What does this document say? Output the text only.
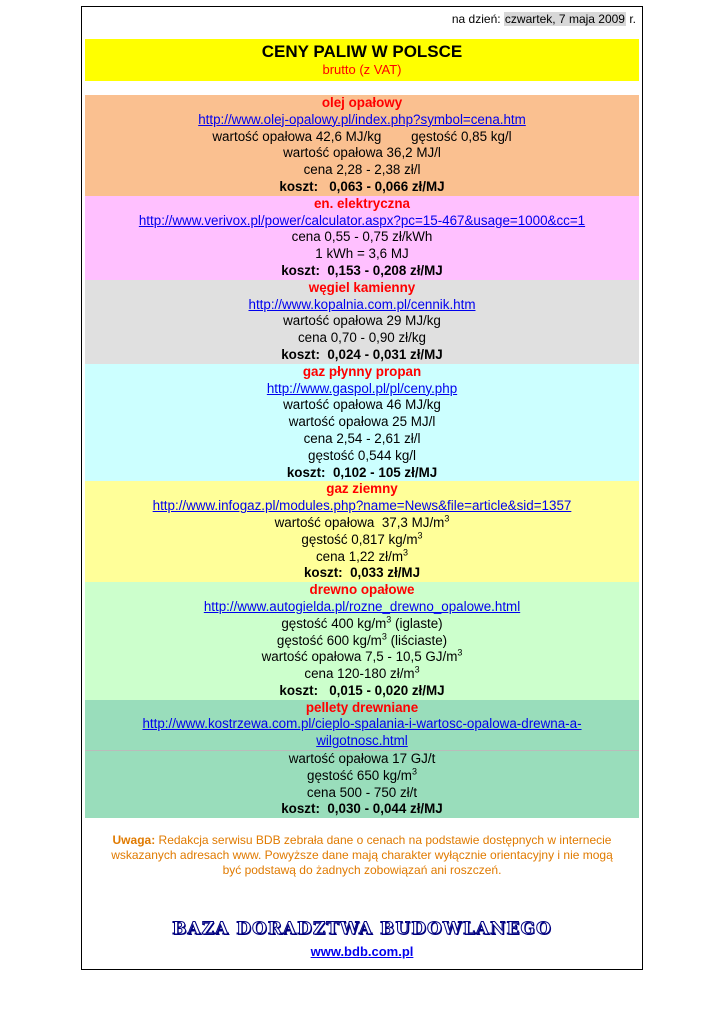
na dzień: czwartek, 7 maja 2009 r.
CENY PALIW W POLSCE
brutto (z VAT)
olej opałowy
http://www.olej-opalowy.pl/index.php?symbol=cena.htm
wartość opałowa 42,6 MJ/kg        gęstość 0,85 kg/l
wartość opałowa 36,2 MJ/l
cena 2,28 - 2,38 zł/l
koszt:   0,063 - 0,066 zł/MJ
en. elektryczna
http://www.verivox.pl/power/calculator.aspx?pc=15-467&usage=1000&cc=1
cena 0,55 - 0,75 zł/kWh
1 kWh = 3,6 MJ
koszt:  0,153 - 0,208 zł/MJ
węgiel kamienny
http://www.kopalnia.com.pl/cennik.htm
wartość opałowa 29 MJ/kg
cena 0,70 - 0,90 zł/kg
koszt:  0,024 - 0,031 zł/MJ
gaz płynny propan
http://www.gaspol.pl/pl/ceny.php
wartość opałowa 46 MJ/kg
wartość opałowa 25 MJ/l
cena 2,54 - 2,61 zł/l
gęstość 0,544 kg/l
koszt:  0,102 - 105 zł/MJ
gaz ziemny
http://www.infogaz.pl/modules.php?name=News&file=article&sid=1357
wartość opałowa  37,3 $MJ/m^3$
gęstość 0,817 $kg/m^3$
cena 1,22 $zł/m^3$
koszt:  0,033 zł/MJ
drewno opałowe
http://www.autogielda.pl/rozne_drewno_opalowe.html
gęstość 400 $kg/m^3$ (iglaste)
gęstość 600 $kg/m^3$ (liściaste)
wartość opałowa 7,5 - 10,5 $GJ/m^3$
cena 120-180 $zł/m^3$
koszt:   0,015 - 0,020 zł/MJ
pellety drewniane
http://www.kostrzewa.com.pl/cieplo-spalania-i-wartosc-opalowa-drewna-a-wilgotnosc.html
wartość opałowa 17 GJ/t
gęstość 650 $kg/m^3$
cena 500 - 750 zł/t
koszt:  0,030 - 0,044 zł/MJ
Uwaga: Redakcja serwisu BDB zebrała dane o cenach na podstawie dostępnych w internecie wskazanych adresach www. Powyższe dane mają charakter wyłącznie orientacyjny i nie mogą być podstawą do żadnych zobowiązań ani roszczeń.
BAZA DORADZTWA BUDOWLANEGO
www.bdb.com.pl
